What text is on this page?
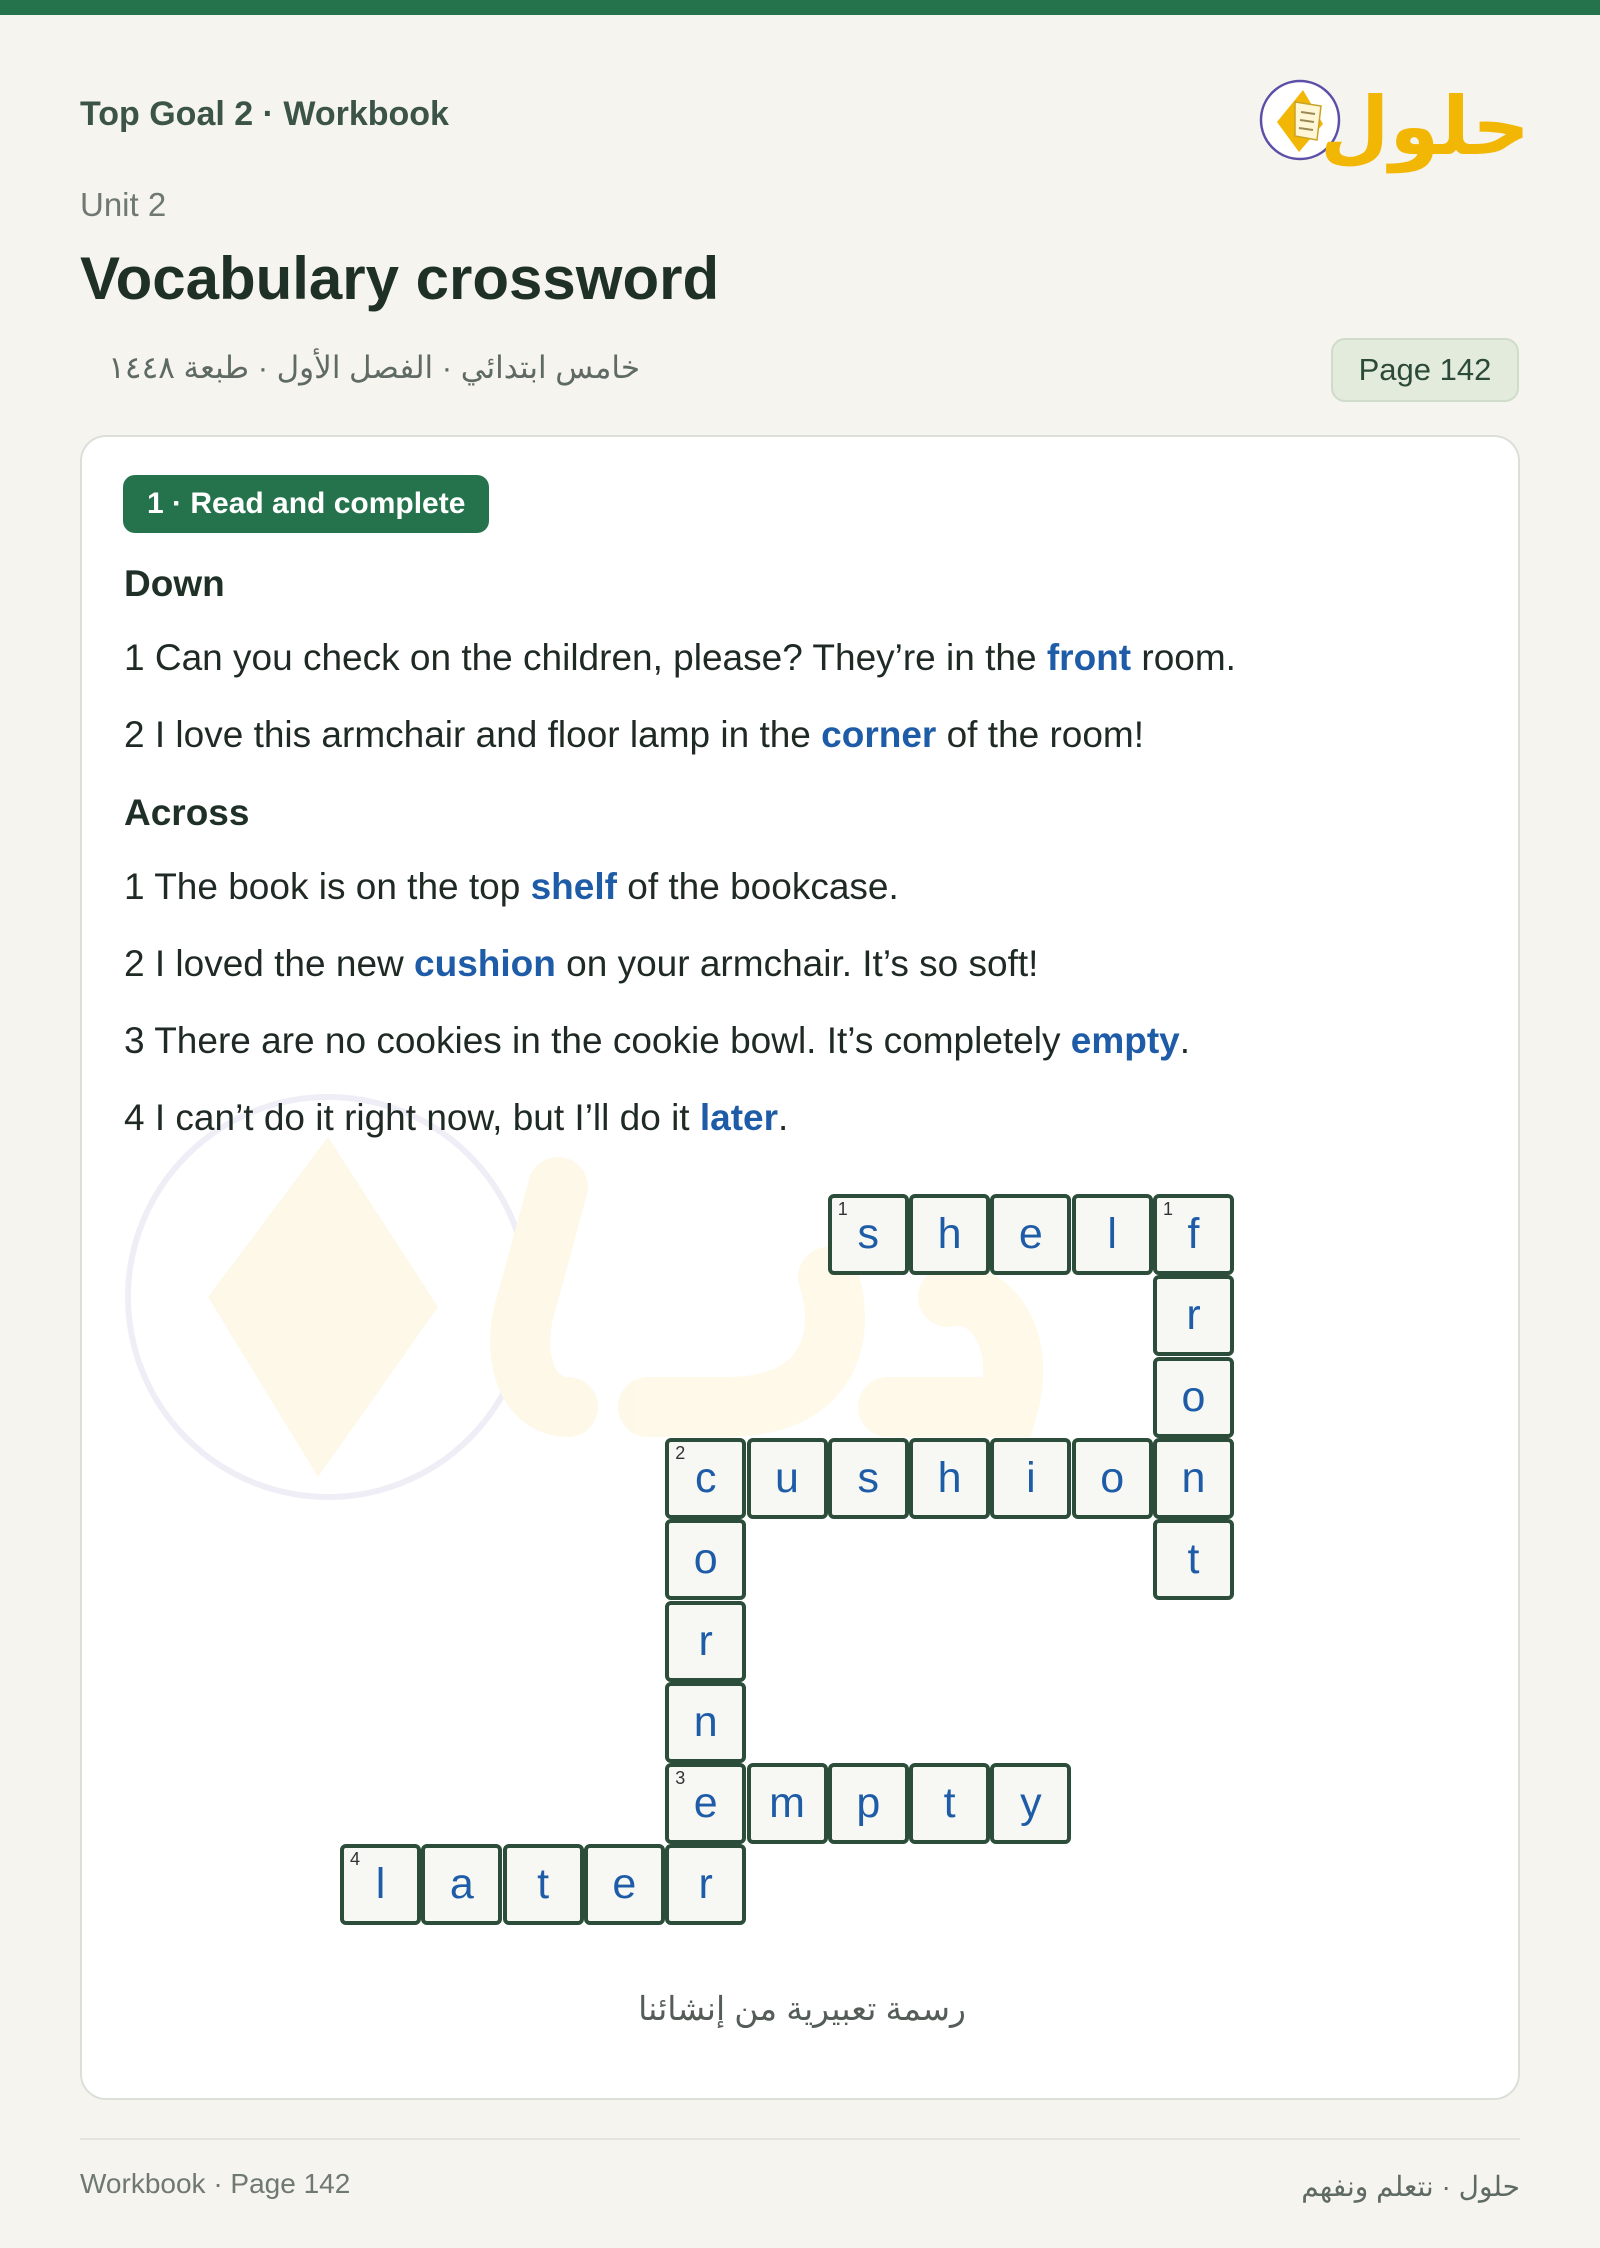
Top Goal 2 · Workbook	حلول
Unit 2
Vocabulary crossword
خامس ابتدائي · الفصل الأول · طبعة ١٤٤٨	Page 142
1 · Read and complete
Down
1 Can you check on the children, please? They’re in the front room.
2 I love this armchair and floor lamp in the corner of the room!
Across
1 The book is on the top shelf of the bookcase.
2 I loved the new cushion on your armchair. It’s so soft!
3 There are no cookies in the cookie bowl. It’s completely empty.
4 I can’t do it right now, but I’ll do it later.
1
s h e l
1
f
r
o
n
t
2
c u s h i o
o
r
n
3
e
r
m p t y
4
l a t e
رسمة تعبيرية من إنشائنا
Workbook · Page 142	حلول · نتعلم ونفهم
